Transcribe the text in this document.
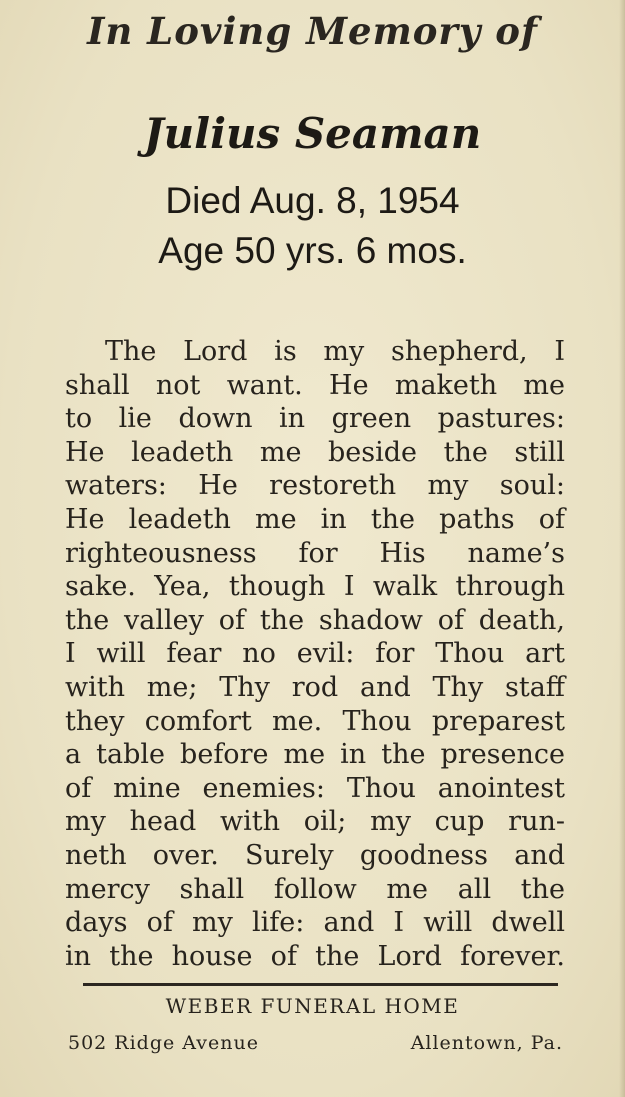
In Loving Memory of
Julius Seaman
Died Aug. 8, 1954
Age 50 yrs. 6 mos.
The Lord is my shepherd, I
shall not want. He maketh me
to lie down in green pastures:
He leadeth me beside the still
waters: He restoreth my soul:
He leadeth me in the paths of
righteousness for His name’s
sake. Yea, though I walk through
the valley of the shadow of death,
I will fear no evil: for Thou art
with me; Thy rod and Thy staff
they comfort me. Thou preparest
a table before me in the presence
of mine enemies: Thou anointest
my head with oil; my cup run-
neth over. Surely goodness and
mercy shall follow me all the
days of my life: and I will dwell
in the house of the Lord forever.
WEBER FUNERAL HOME
502 Ridge Avenue	Allentown, Pa.
